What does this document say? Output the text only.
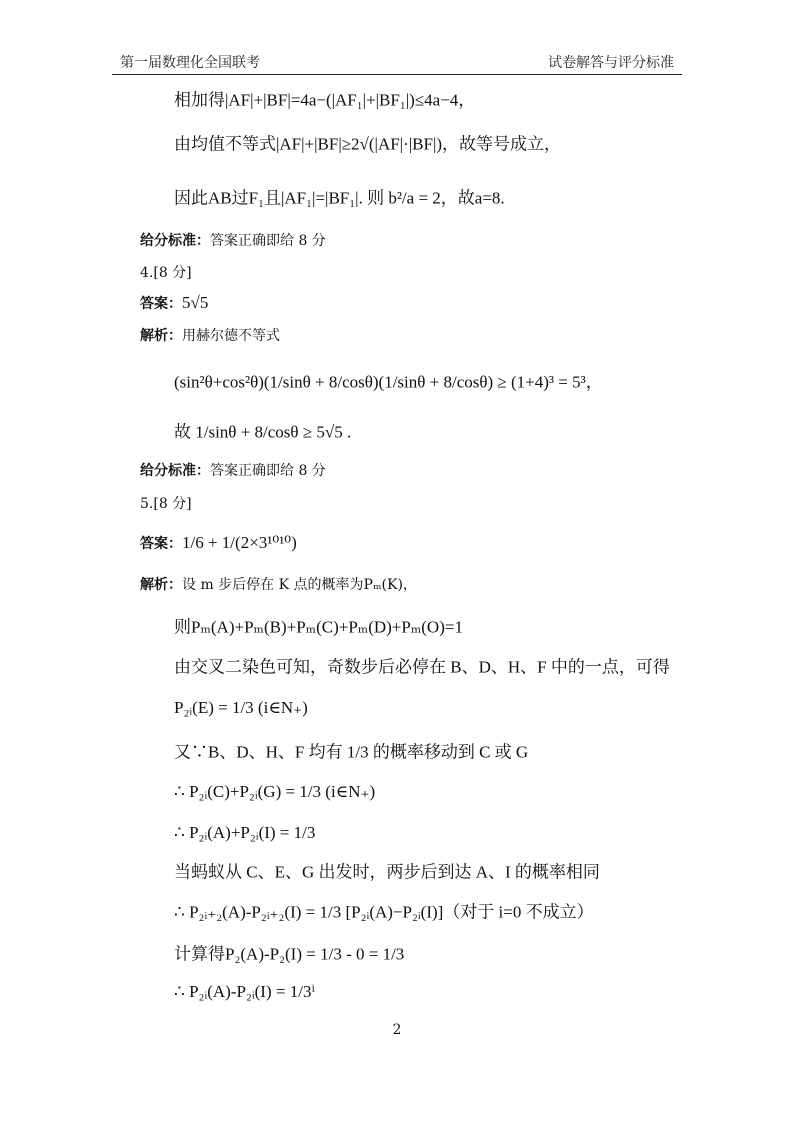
第一届数理化全国联考	试卷解答与评分标准
相加得|AF|+|BF|=4a−(|AF₁|+|BF₁|)≤4a−4，
由均值不等式|AF|+|BF|≥2√(|AF|·|BF|)，故等号成立，
因此AB过F₁且|AF₁|=|BF₁|. 则 b²/a = 2，故a=8.
给分标准： 答案正确即给 8 分
4.[8 分]
答案： 5√5
解析： 用赫尔德不等式
(sin²θ+cos²θ)(1/sinθ + 8/cosθ)(1/sinθ + 8/cosθ) ≥ (1+4)³ = 5³，
故 1/sinθ + 8/cosθ ≥ 5√5 .
给分标准： 答案正确即给 8 分
5.[8 分]
答案： 1/6 + 1/(2×3¹⁰¹⁰)
解析： 设 m 步后停在 K 点的概率为Pₘ(K)，
则Pₘ(A)+Pₘ(B)+Pₘ(C)+Pₘ(D)+Pₘ(O)=1
由交叉二染色可知，奇数步后必停在 B、D、H、F 中的一点，可得
P₂ᵢ(E) = 1/3 (i∈N₊)
又∵B、D、H、F 均有 1/3 的概率移动到 C 或 G
∴ P₂ᵢ(C)+P₂ᵢ(G) = 1/3 (i∈N₊)
∴ P₂ᵢ(A)+P₂ᵢ(I) = 1/3
当蚂蚁从 C、E、G 出发时，两步后到达 A、I 的概率相同
∴ P₂ᵢ₊₂(A)-P₂ᵢ₊₂(I) = 1/3 [P₂ᵢ(A)−P₂ᵢ(I)]（对于 i=0 不成立）
计算得P₂(A)-P₂(I) = 1/3 - 0 = 1/3
∴ P₂ᵢ(A)-P₂ᵢ(I) = 1/3ⁱ
2
